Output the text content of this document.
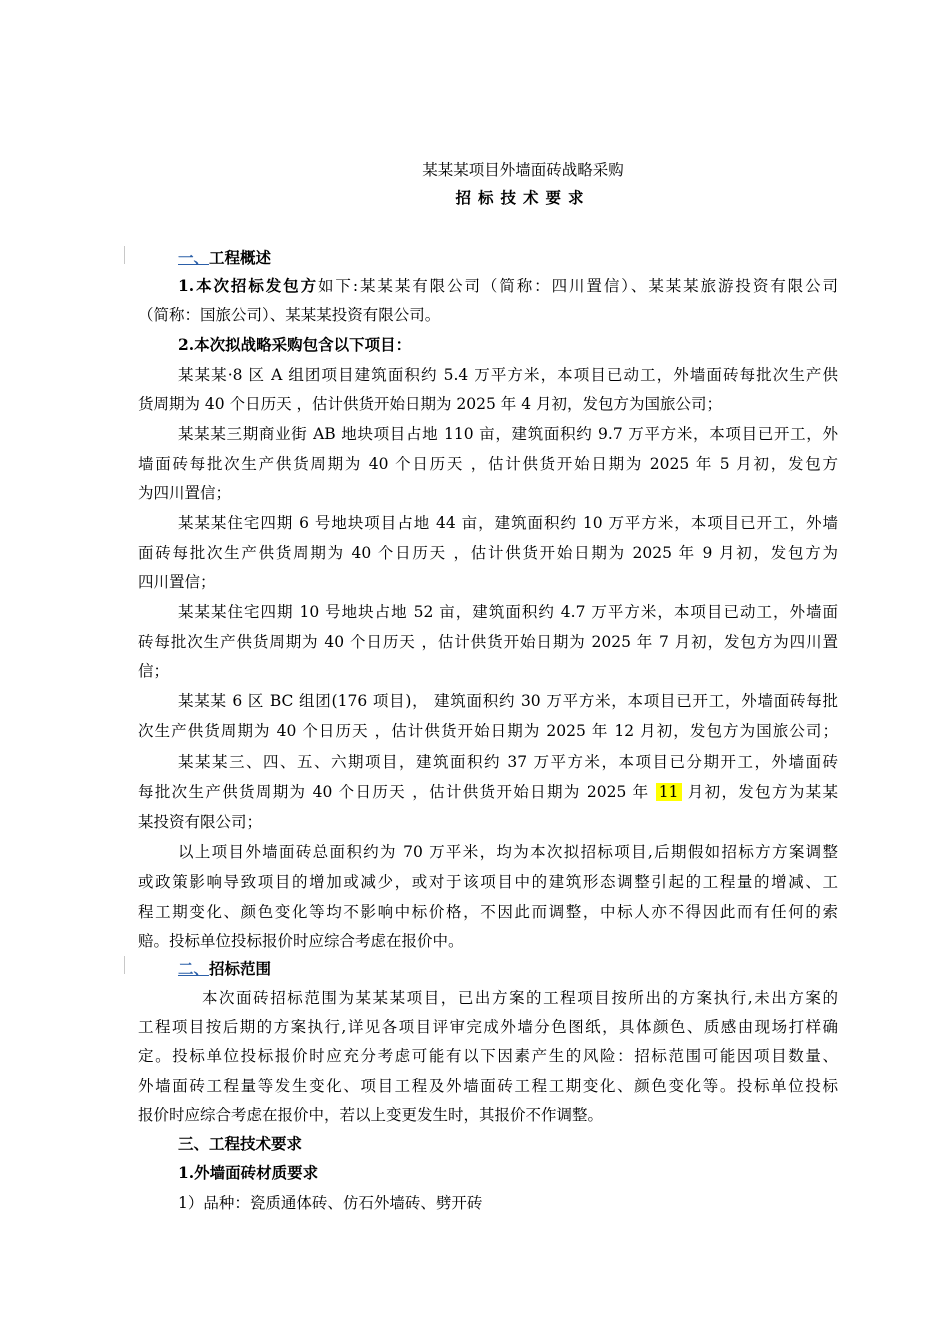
某某某项目外墙面砖战略采购
招标技术要求
一、工程概述
1.本次招标发包方如下:某某某有限公司（简称：四川置信）、某某某旅游投资有限公司
（简称：国旅公司）、某某某投资有限公司。
2.本次拟战略采购包含以下项目：
某某某·8 区 A 组团项目建筑面积约 5.4 万平方米，本项目已动工，外墙面砖每批次生产供
货周期为 40 个日历天 ，估计供货开始日期为 2025 年 4 月初，发包方为国旅公司；
某某某三期商业街 AB 地块项目占地 110 亩，建筑面积约 9.7 万平方米，本项目已开工，外
墙面砖每批次生产供货周期为 40 个日历天 ，估计供货开始日期为 2025 年 5 月初，发包方
为四川置信；
某某某住宅四期 6 号地块项目占地 44 亩，建筑面积约 10 万平方米，本项目已开工，外墙
面砖每批次生产供货周期为 40 个日历天 ，估计供货开始日期为 2025 年 9 月初，发包方为
四川置信；
某某某住宅四期 10 号地块占地 52 亩，建筑面积约 4.7 万平方米，本项目已动工，外墙面
砖每批次生产供货周期为 40 个日历天 ，估计供货开始日期为 2025 年 7 月初，发包方为四川置
信；
某某某 6 区 BC 组团(176 项目)， 建筑面积约 30 万平方米，本项目已开工，外墙面砖每批
次生产供货周期为 40 个日历天 ，估计供货开始日期为 2025 年 12 月初，发包方为国旅公司；
某某某三、四、五、六期项目，建筑面积约 37 万平方米，本项目已分期开工，外墙面砖
每批次生产供货周期为 40 个日历天 ，估计供货开始日期为 2025 年 11 月初，发包方为某某
某投资有限公司；
以上项目外墙面砖总面积约为 70 万平米，均为本次拟招标项目,后期假如招标方方案调整
或政策影响导致项目的增加或减少，或对于该项目中的建筑形态调整引起的工程量的增减、工
程工期变化、颜色变化等均不影响中标价格，不因此而调整，中标人亦不得因此而有任何的索
赔。投标单位投标报价时应综合考虑在报价中。
二、招标范围
本次面砖招标范围为某某某项目，已出方案的工程项目按所出的方案执行,未出方案的
工程项目按后期的方案执行,详见各项目评审完成外墙分色图纸，具体颜色、质感由现场打样确
定。投标单位投标报价时应充分考虑可能有以下因素产生的风险：招标范围可能因项目数量、
外墙面砖工程量等发生变化、项目工程及外墙面砖工程工期变化、颜色变化等。投标单位投标
报价时应综合考虑在报价中，若以上变更发生时，其报价不作调整。
三、工程技术要求
1.外墙面砖材质要求
1）品种：瓷质通体砖、仿石外墙砖、劈开砖
